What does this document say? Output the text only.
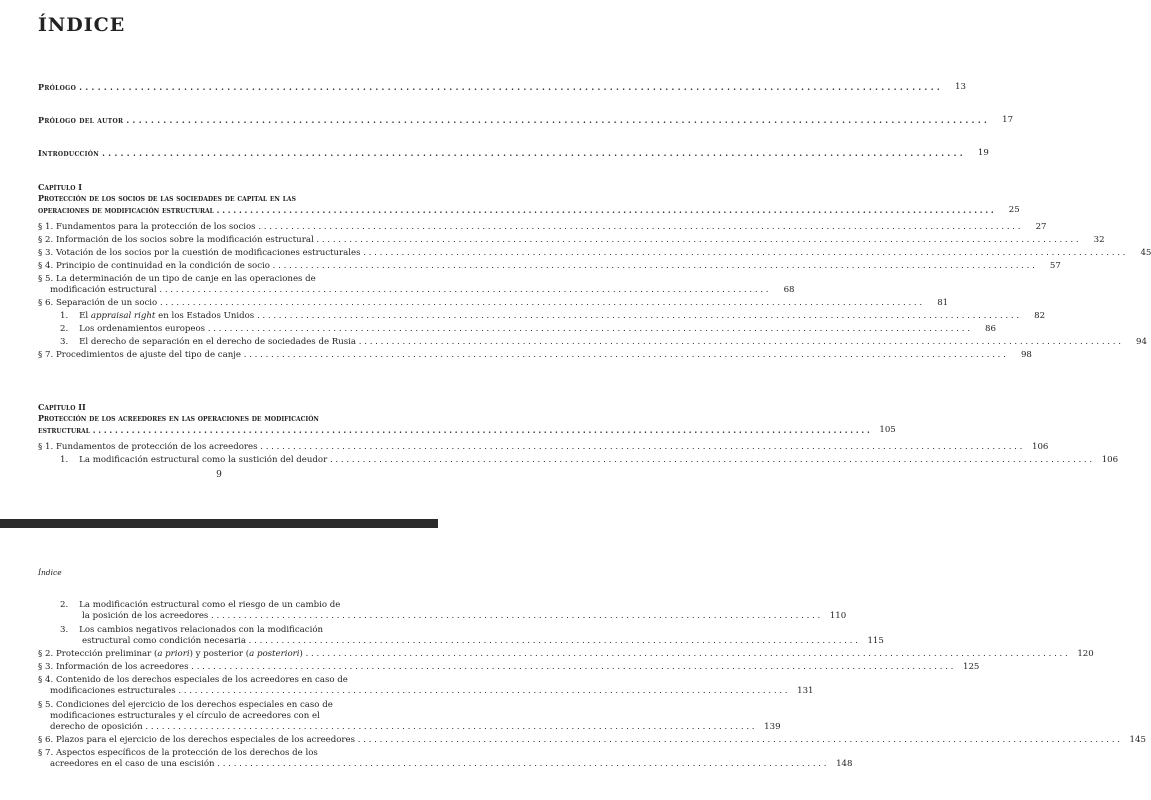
ÍNDICE
Prólogo . . .	13
Prólogo del autor . . .	17
Introducción . . .	19
Capítulo I
Protección de los socios de las sociedades de capital en las
operaciones de modificación estructural . . .	25
§ 1. Fundamentos para la protección de los socios . . .	27
§ 2. Información de los socios sobre la modificación estructural . . .	32
§ 3. Votación de los socios por la cuestión de modificaciones estructurales . . .	45
§ 4. Principio de continuidad en la condición de socio . . .	57
§ 5. La determinación de un tipo de canje en las operaciones de
modificación estructural . . .	68
§ 6. Separación de un socio . . .	81
1. El appraisal right en los Estados Unidos . . .	82
2.    Los ordenamientos europeos . . .	86
3.    El derecho de separación en el derecho de sociedades de Rusia . . .	94
§ 7. Procedimientos de ajuste del tipo de canje . . .	98
Capítulo II
Protección de los acreedores en las operaciones de modificación
estructural . . .	105
§ 1. Fundamentos de protección de los acreedores . . .	106
1.    La modificación estructural como la sustición del deudor . . .	106
9
Índice
2.    La modificación estructural como el riesgo de un cambio de
la posición de los acreedores . . .	110
3.    Los cambios negativos relacionados con la modificación
estructural como condición necesaria . . .	115
§ 2. Protección preliminar (a priori) y posterior (a posteriori) . . .	120
§ 3. Información de los acreedores . . .	125
§ 4. Contenido de los derechos especiales de los acreedores en caso de
modificaciones estructurales . . .	131
§ 5. Condiciones del ejercicio de los derechos especiales en caso de
modificaciones estructurales y el círculo de acreedores con el
derecho de oposición . . .	139
§ 6. Plazos para el ejercicio de los derechos especiales de los acreedores . . .	145
§ 7. Aspectos específicos de la protección de los derechos de los
acreedores en el caso de una escisión . . .	148
